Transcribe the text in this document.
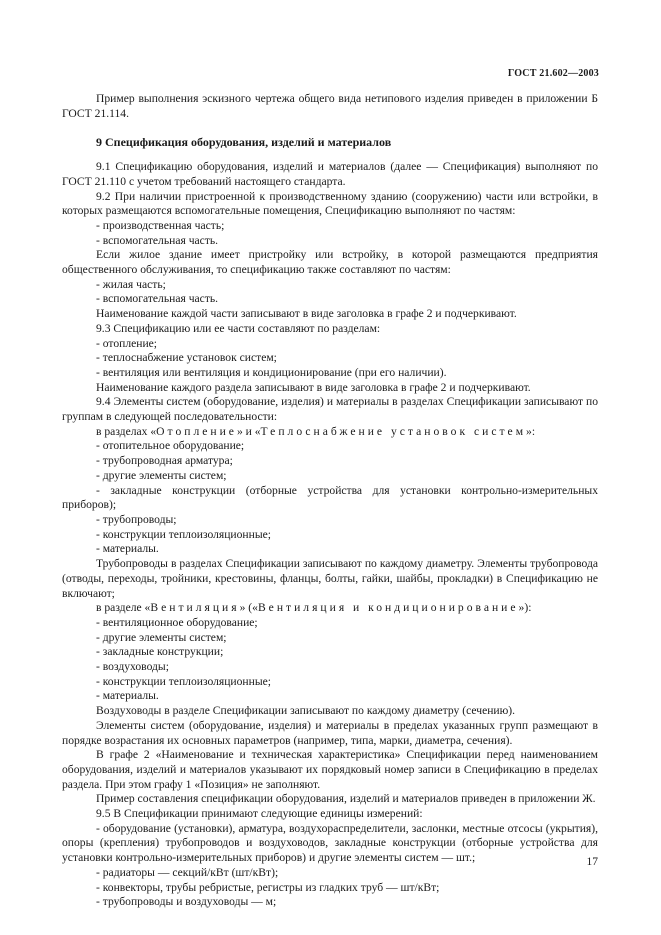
ГОСТ 21.602—2003

Пример выполнения эскизного чертежа общего вида нетипового изделия приведен в приложении Б ГОСТ 21.114.

9 Спецификация оборудования, изделий и материалов

9.1 Спецификацию оборудования, изделий и материалов (далее — Спецификация) выполняют по ГОСТ 21.110 с учетом требований настоящего стандарта.

9.2 При наличии пристроенной к производственному зданию (сооружению) части или встройки, в которых размещаются вспомогательные помещения, Спецификацию выполняют по частям:

- производственная часть;

- вспомогательная часть.

Если жилое здание имеет пристройку или встройку, в которой размещаются предприятия общественного обслуживания, то спецификацию также составляют по частям:

- жилая часть;

- вспомогательная часть.

Наименование каждой части записывают в виде заголовка в графе 2 и подчеркивают.

9.3 Спецификацию или ее части составляют по разделам:

- отопление;

- теплоснабжение установок систем;

- вентиляция или вентиляция и кондиционирование (при его наличии).

Наименование каждого раздела записывают в виде заголовка в графе 2 и подчеркивают.

9.4 Элементы систем (оборудование, изделия) и материалы в разделах Спецификации записывают по группам в следующей последовательности:

в разделах «Отопление» и «Теплоснабжение установок систем»:

- отопительное оборудование;

- трубопроводная арматура;

- другие элементы систем;

- закладные конструкции (отборные устройства для установки контрольно-измерительных приборов);

- трубопроводы;

- конструкции теплоизоляционные;

- материалы.

Трубопроводы в разделах Спецификации записывают по каждому диаметру. Элементы трубопровода (отводы, переходы, тройники, крестовины, фланцы, болты, гайки, шайбы, прокладки) в Спецификацию не включают;

в разделе «Вентиляция» («Вентиляция и кондиционирование»):

- вентиляционное оборудование;

- другие элементы систем;

- закладные конструкции;

- воздуховоды;

- конструкции теплоизоляционные;

- материалы.

Воздуховоды в разделе Спецификации записывают по каждому диаметру (сечению).

Элементы систем (оборудование, изделия) и материалы в пределах указанных групп размещают в порядке возрастания их основных параметров (например, типа, марки, диаметра, сечения).

В графе 2 «Наименование и техническая характеристика» Спецификации перед наименованием оборудования, изделий и материалов указывают их порядковый номер записи в Спецификацию в пределах раздела. При этом графу 1 «Позиция» не заполняют.

Пример составления спецификации оборудования, изделий и материалов приведен в приложении Ж.

9.5 В Спецификации принимают следующие единицы измерений:

- оборудование (установки), арматура, воздухораспределители, заслонки, местные отсосы (укрытия), опоры (крепления) трубопроводов и воздуховодов, закладные конструкции (отборные устройства для установки контрольно-измерительных приборов) и другие элементы систем — шт.;

- радиаторы — секций/кВт (шт/кВт);

- конвекторы, трубы ребристые, регистры из гладких труб — шт/кВт;

- трубопроводы и воздуховоды — м;

17
